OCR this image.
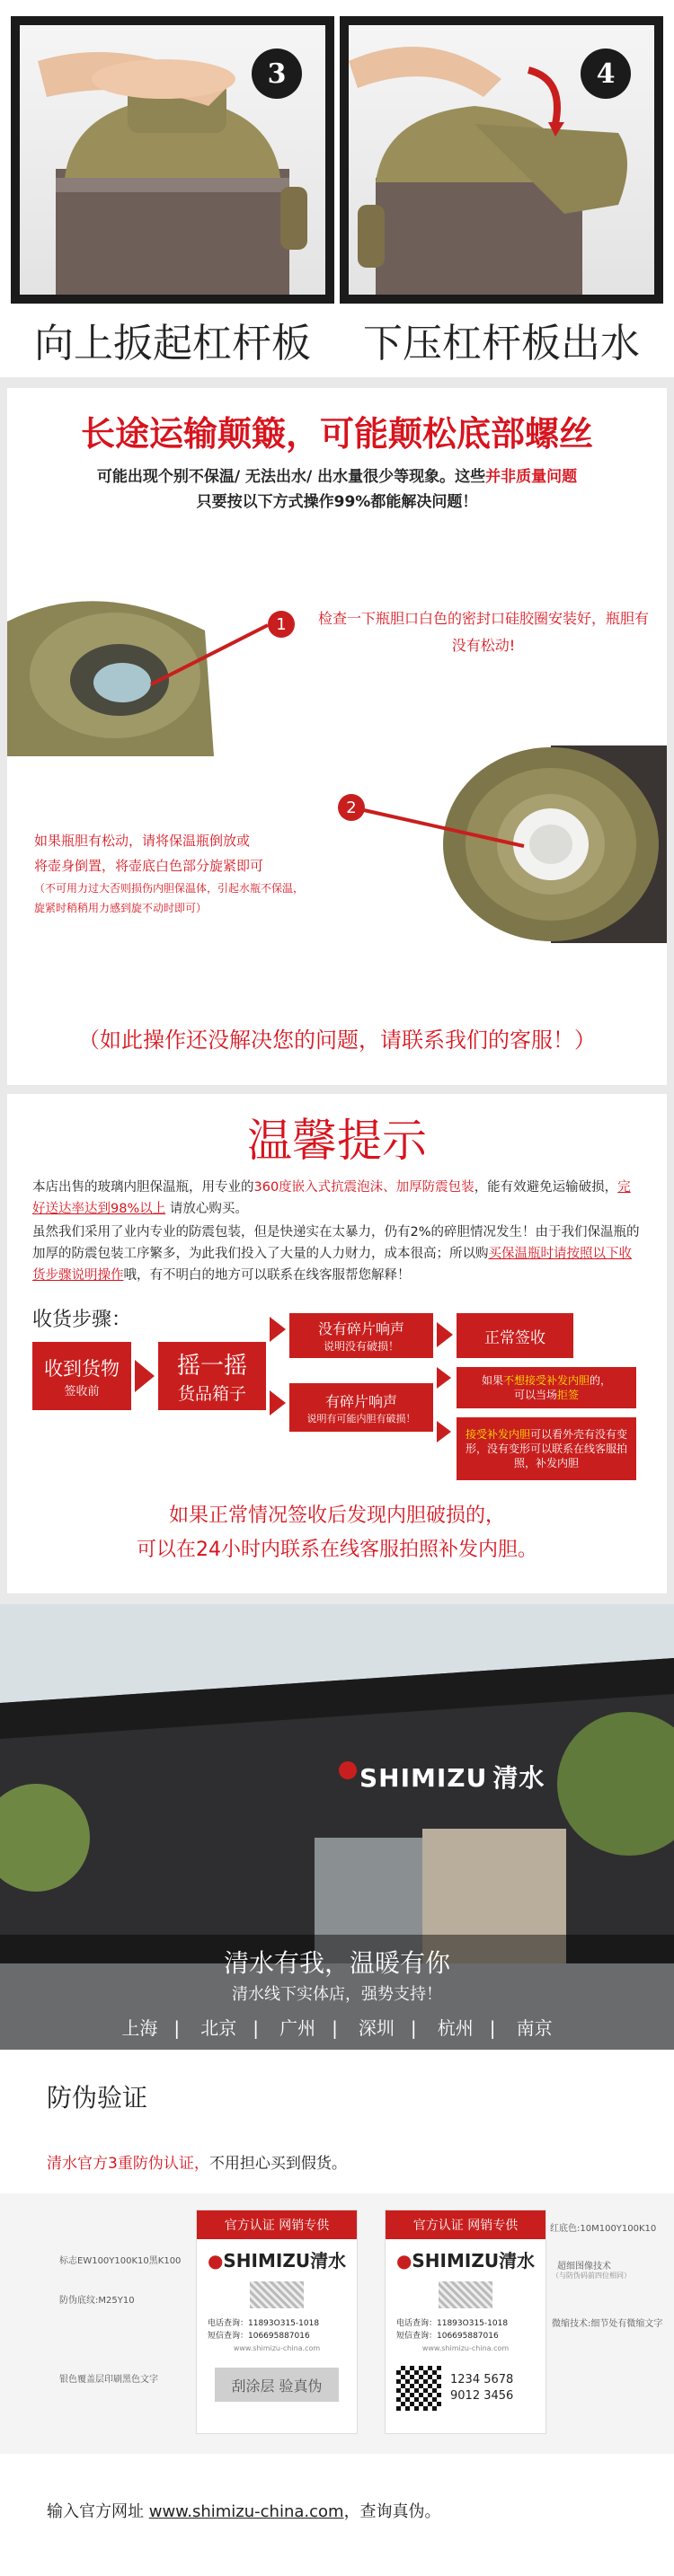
3	4
向上扳起杠杆板	下压杠杆板出水
长途运输颠簸，可能颠松底部螺丝
可能出现个别不保温/ 无法出水/ 出水量很少等现象。这些并非质量问题
只要按以下方式操作99%都能解决问题！
1	检查一下瓶胆口白色的密封口硅胶圈安装好，瓶胆有没有松动!
2
如果瓶胆有松动，请将保温瓶倒放或
将壶身倒置，将壶底白色部分旋紧即可
（不可用力过大否则损伤内胆保温体，引起水瓶不保温，
旋紧时稍稍用力感到旋不动时即可）
（如此操作还没解决您的问题，请联系我们的客服！）
温馨提示
本店出售的玻璃内胆保温瓶，用专业的360度嵌入式抗震泡沫、加厚防震包装，能有效避免运输破损，完好送达率达到98%以上 请放心购买。
虽然我们采用了业内专业的防震包装，但是快递实在太暴力，仍有2%的碎胆情况发生！由于我们保温瓶的加厚的防震包装工序繁多，为此我们投入了大量的人力财力，成本很高；所以购买保温瓶时请按照以下收货步骤说明操作哦，有不明白的地方可以联系在线客服帮您解释！
收货步骤：
收到货物
签收前
摇一摇
货品箱子
没有碎片响声
说明没有破损！	正常签收
有碎片响声
说明有可能内胆有破损！
如果不想接受补发内胆的，
可以当场拒签
接受补发内胆可以看外壳有没有变形，没有变形可以联系在线客服拍照，补发内胆
如果正常情况签收后发现内胆破损的，
可以在24小时内联系在线客服拍照补发内胆。
SHIMIZU 清水
清水有我，温暖有你
清水线下实体店，强势支持！
上海 | 北京 | 广州 | 深圳 | 杭州 | 南京
防伪验证
清水官方3重防伪认证，不用担心买到假货。
官方认证 网销专供
●SHIMIZU清水
电话查询：11893O315-1018
短信查询：106695887016
www.shimizu-china.com
刮涂层 验真伪
官方认证 网销专供
●SHIMIZU清水
电话查询：11893O315-1018
短信查询：106695887016
www.shimizu-china.com
1234 5678
9012 3456
标志EW100Y100K10黑K100
防伪底纹:M25Y10
银色覆盖层印刷黑色文字
红底色:10M100Y100K10
超细图像技术
（与防伪码前四位相同）
微缩技术:细节处有微缩文字
输入官方网址 www.shimizu-china.com，查询真伪。
